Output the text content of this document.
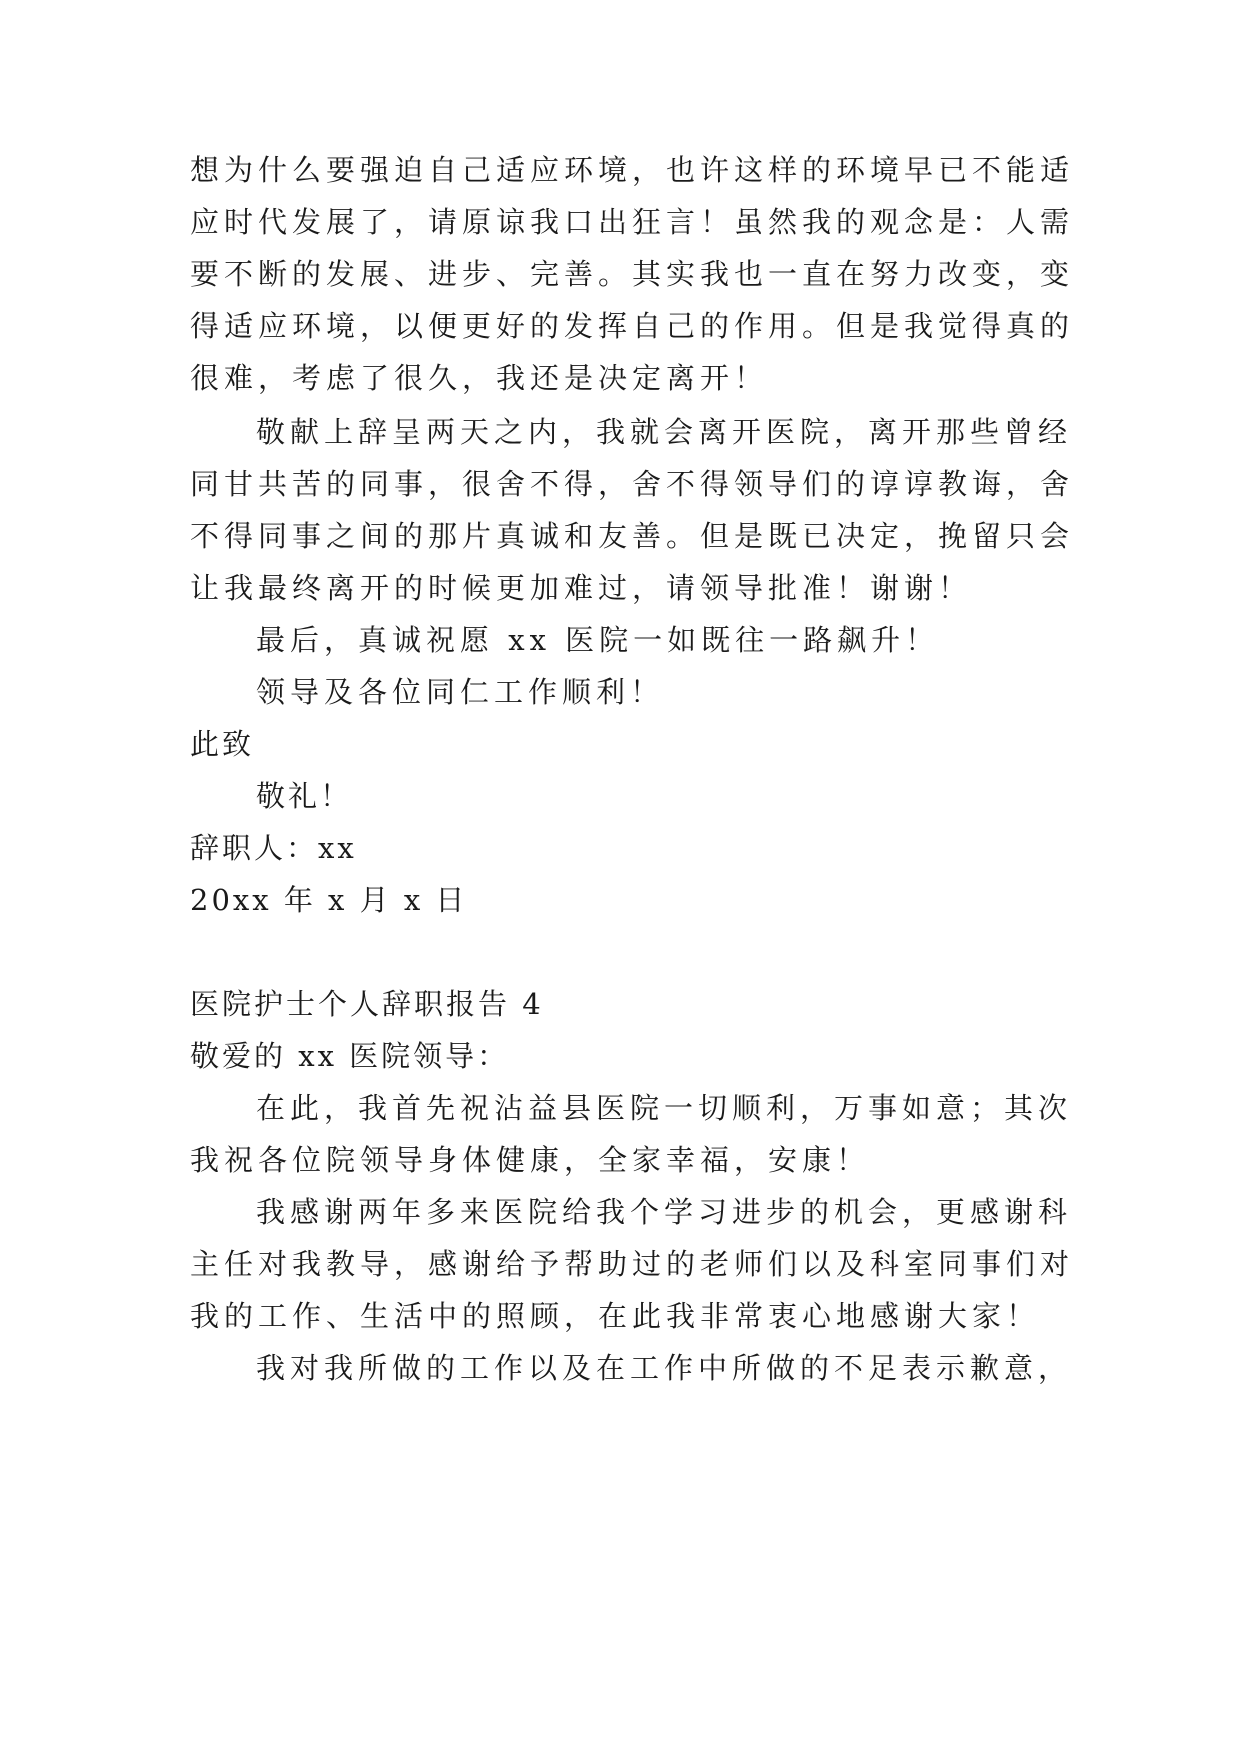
想为什么要强迫自己适应环境，也许这样的环境早已不能适
应时代发展了，请原谅我口出狂言！虽然我的观念是：人需
要不断的发展、进步、完善。其实我也一直在努力改变，变
得适应环境，以便更好的发挥自己的作用。但是我觉得真的
很难，考虑了很久，我还是决定离开！
敬献上辞呈两天之内，我就会离开医院，离开那些曾经
同甘共苦的同事，很舍不得，舍不得领导们的谆谆教诲，舍
不得同事之间的那片真诚和友善。但是既已决定，挽留只会
让我最终离开的时候更加难过，请领导批准！谢谢！
最后，真诚祝愿 xx 医院一如既往一路飙升！
领导及各位同仁工作顺利！
此致
敬礼！
辞职人：xx
20xx 年 x 月 x 日
医院护士个人辞职报告 4
敬爱的 xx 医院领导：
在此，我首先祝沾益县医院一切顺利，万事如意；其次
我祝各位院领导身体健康，全家幸福，安康！
我感谢两年多来医院给我个学习进步的机会，更感谢科
主任对我教导，感谢给予帮助过的老师们以及科室同事们对
我的工作、生活中的照顾，在此我非常衷心地感谢大家！
我对我所做的工作以及在工作中所做的不足表示歉意，
